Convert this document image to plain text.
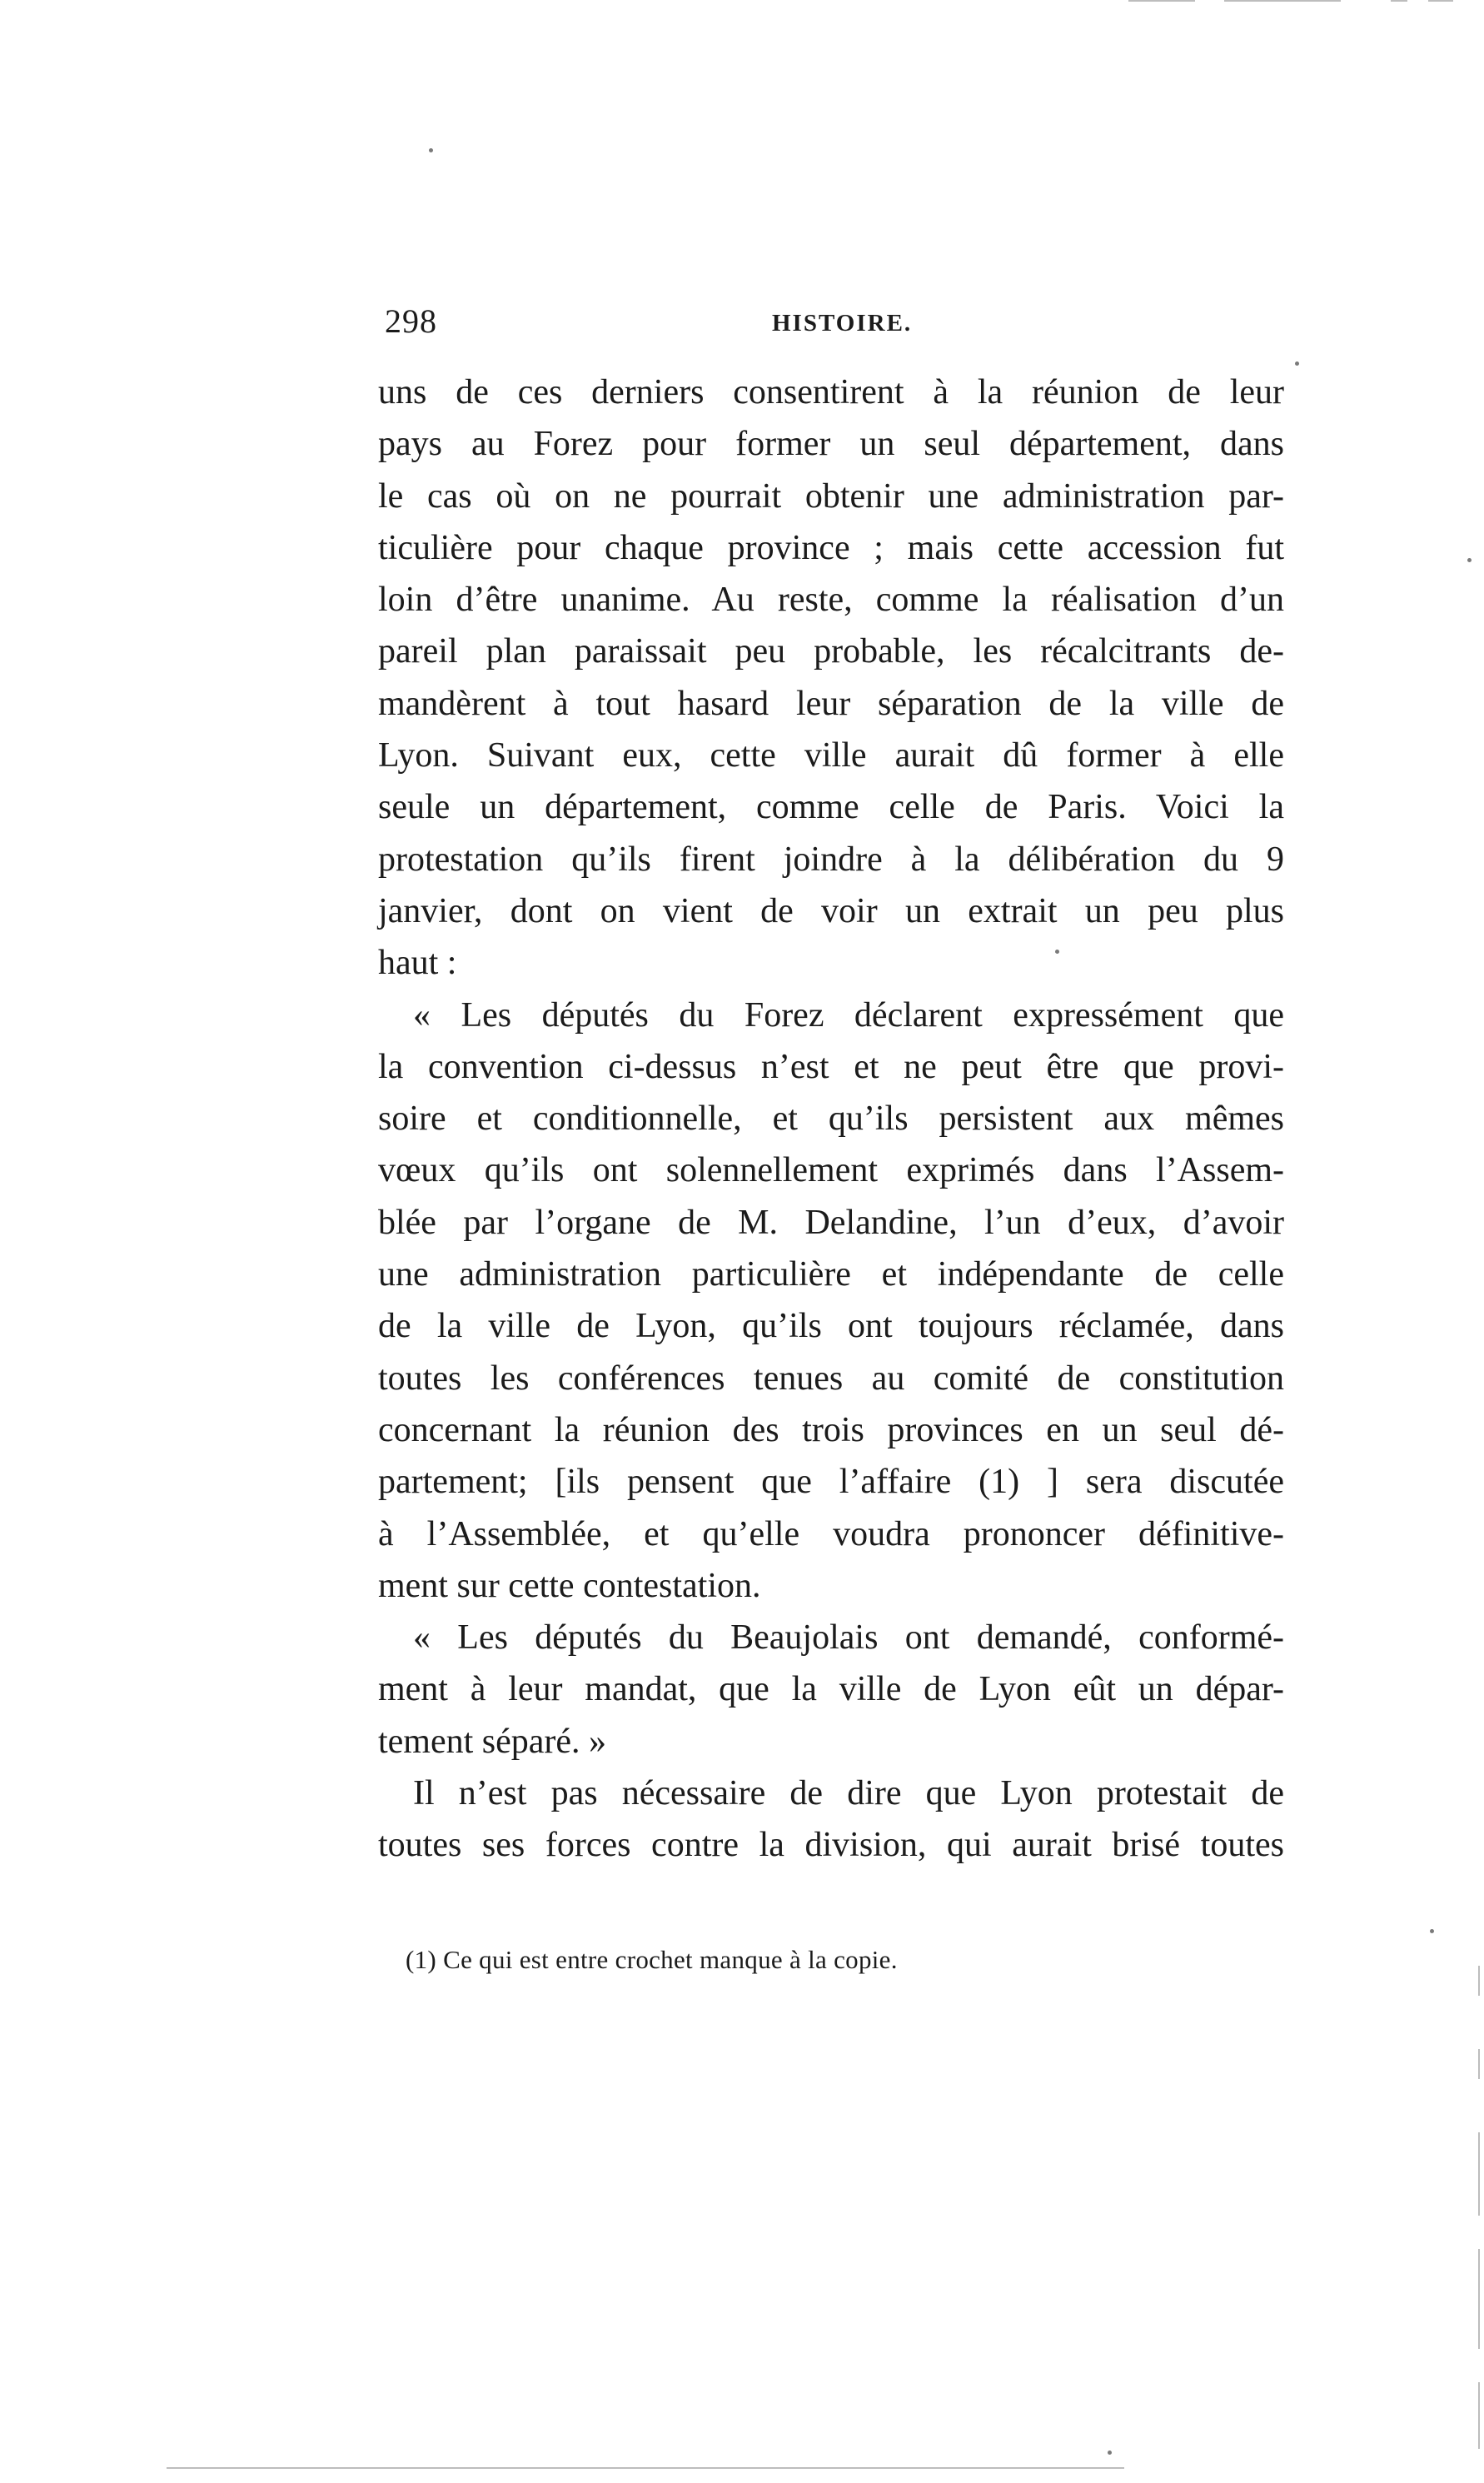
298	HISTOIRE.
uns de ces derniers consentirent à la réunion de leur
pays au Forez pour former un seul département, dans
le cas où on ne pourrait obtenir une administration par-
ticulière pour chaque province ; mais cette accession fut
loin d’être unanime. Au reste, comme la réalisation d’un
pareil plan paraissait peu probable, les récalcitrants de-
mandèrent à tout hasard leur séparation de la ville de
Lyon. Suivant eux, cette ville aurait dû former à elle
seule un département, comme celle de Paris. Voici la
protestation qu’ils firent joindre à la délibération du 9
janvier, dont on vient de voir un extrait un peu plus
haut :
« Les députés du Forez déclarent expressément que
la convention ci-dessus n’est et ne peut être que provi-
soire et conditionnelle, et qu’ils persistent aux mêmes
vœux qu’ils ont solennellement exprimés dans l’Assem-
blée par l’organe de M. Delandine, l’un d’eux, d’avoir
une administration particulière et indépendante de celle
de la ville de Lyon, qu’ils ont toujours réclamée, dans
toutes les conférences tenues au comité de constitution
concernant la réunion des trois provinces en un seul dé-
partement; [ils pensent que l’affaire (1) ] sera discutée
à l’Assemblée, et qu’elle voudra prononcer définitive-
ment sur cette contestation.
« Les députés du Beaujolais ont demandé, conformé-
ment à leur mandat, que la ville de Lyon eût un dépar-
tement séparé. »
Il n’est pas nécessaire de dire que Lyon protestait de
toutes ses forces contre la division, qui aurait brisé toutes
(1) Ce qui est entre crochet manque à la copie.
